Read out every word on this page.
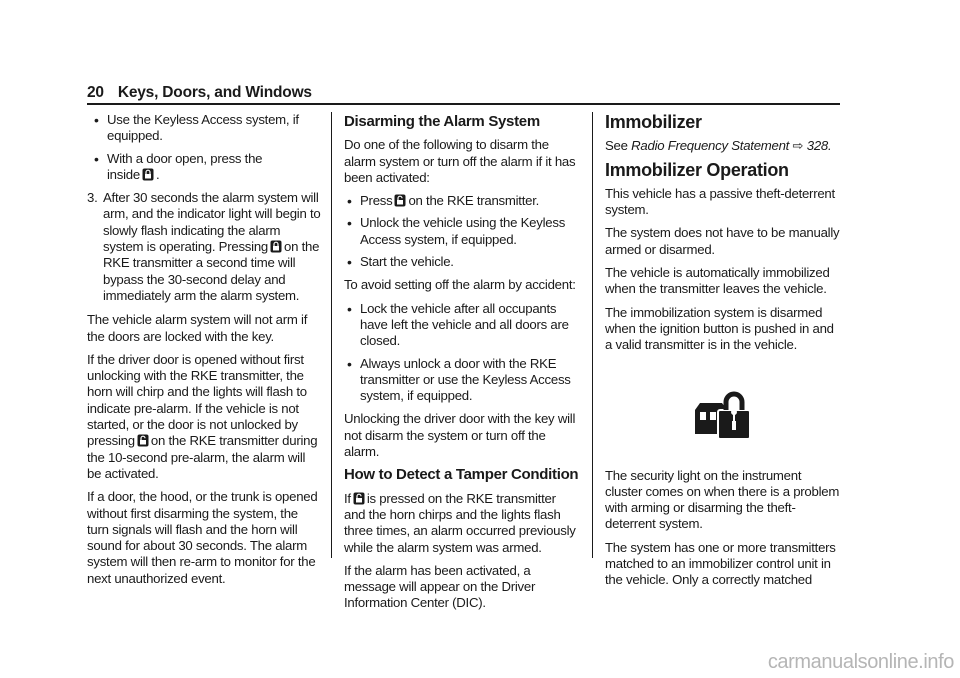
20 Keys, Doors, and Windows
• Use the Keyless Access system, if equipped.
• With a door open, press the
inside .
3. After 30 seconds the alarm system will arm, and the indicator light will begin to slowly flash indicating the alarm system is operating. Pressing on the RKE transmitter a second time will bypass the 30-second delay and immediately arm the alarm system.

The vehicle alarm system will not arm if the doors are locked with the key.

If the driver door is opened without first unlocking with the RKE transmitter, the horn will chirp and the lights will flash to indicate pre-alarm. If the vehicle is not started, or the door is not unlocked by pressing on the RKE transmitter during the 10-second pre-alarm, the alarm will be activated.

If a door, the hood, or the trunk is opened without first disarming the system, the turn signals will flash and the horn will sound for about 30 seconds. The alarm system will then re-arm to monitor for the next unauthorized event.

Disarming the Alarm System

Do one of the following to disarm the alarm system or turn off the alarm if it has been activated:

• Press on the RKE transmitter.
• Unlock the vehicle using the Keyless Access system, if equipped.
• Start the vehicle.

To avoid setting off the alarm by accident:

• Lock the vehicle after all occupants have left the vehicle and all doors are closed.
• Always unlock a door with the RKE transmitter or use the Keyless Access system, if equipped.

Unlocking the driver door with the key will not disarm the system or turn off the alarm.

How to Detect a Tamper Condition

If is pressed on the RKE transmitter and the horn chirps and the lights flash three times, an alarm occurred previously while the alarm system was armed.

If the alarm has been activated, a message will appear on the Driver Information Center (DIC).

Immobilizer

See Radio Frequency Statement ⇨ 328.

Immobilizer Operation

This vehicle has a passive theft-deterrent system.

The system does not have to be manually armed or disarmed.

The vehicle is automatically immobilized when the transmitter leaves the vehicle.

The immobilization system is disarmed when the ignition button is pushed in and a valid transmitter is in the vehicle.

The security light on the instrument cluster comes on when there is a problem with arming or disarming the theft-deterrent system.

The system has one or more transmitters matched to an immobilizer control unit in the vehicle. Only a correctly matched

carmanualsonline.info
